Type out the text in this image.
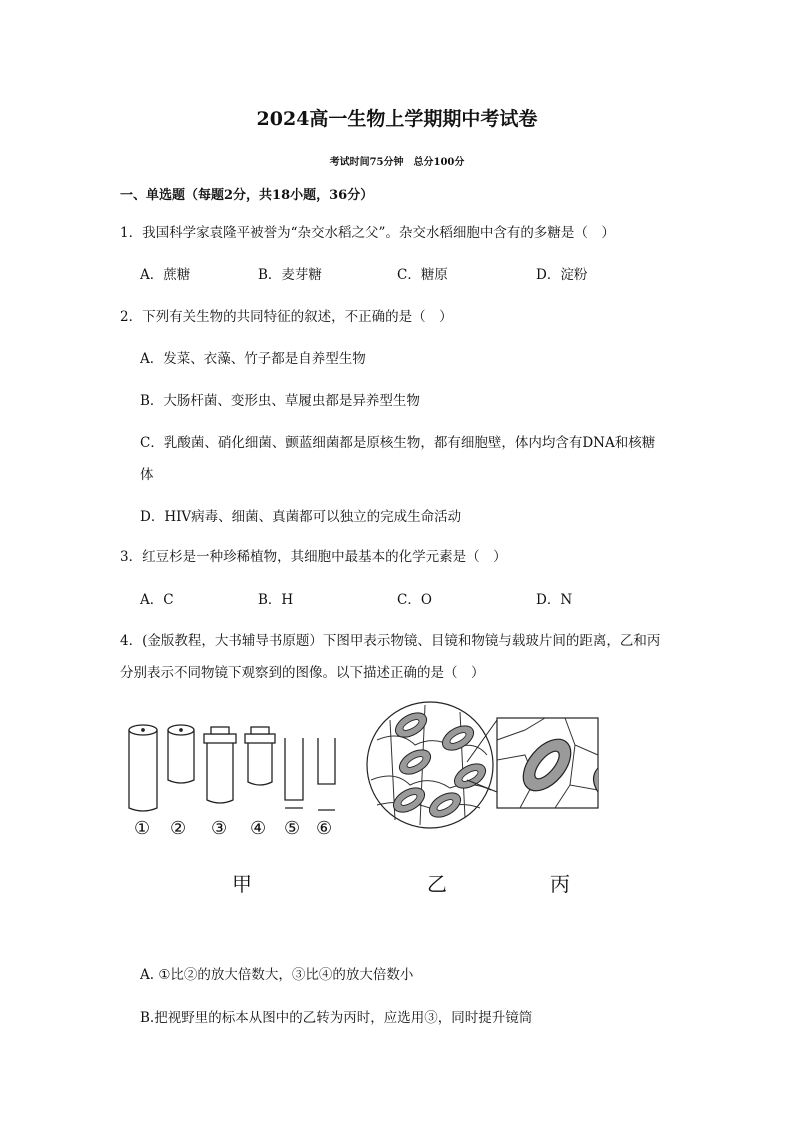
2024高一生物上学期期中考试卷
考试时间75分钟　总分100分
一、单选题（每题2分，共18小题，36分）
1．我国科学家袁隆平被誉为“杂交水稻之父”。杂交水稻细胞中含有的多糖是（　）
A．蔗糖	B．麦芽糖	C．糖原	D．淀粉
2．下列有关生物的共同特征的叙述，不正确的是（　）
A．发菜、衣藻、竹子都是自养型生物
B．大肠杆菌、变形虫、草履虫都是异养型生物
C．乳酸菌、硝化细菌、颤蓝细菌都是原核生物，都有细胞壁，体内均含有DNA和核糖
体
D．HIV病毒、细菌、真菌都可以独立的完成生命活动
3．红豆杉是一种珍稀植物，其细胞中最基本的化学元素是（　）
A．C	B．H	C．O	D．N
4．(金版教程，大书辅导书原题）下图甲表示物镜、目镜和物镜与载玻片间的距离，乙和丙
分别表示不同物镜下观察到的图像。以下描述正确的是（　）
① ② ③ ④ ⑤ ⑥
甲	乙	丙
A. ①比②的放大倍数大，③比④的放大倍数小
B.把视野里的标本从图中的乙转为丙时，应选用③，同时提升镜筒
